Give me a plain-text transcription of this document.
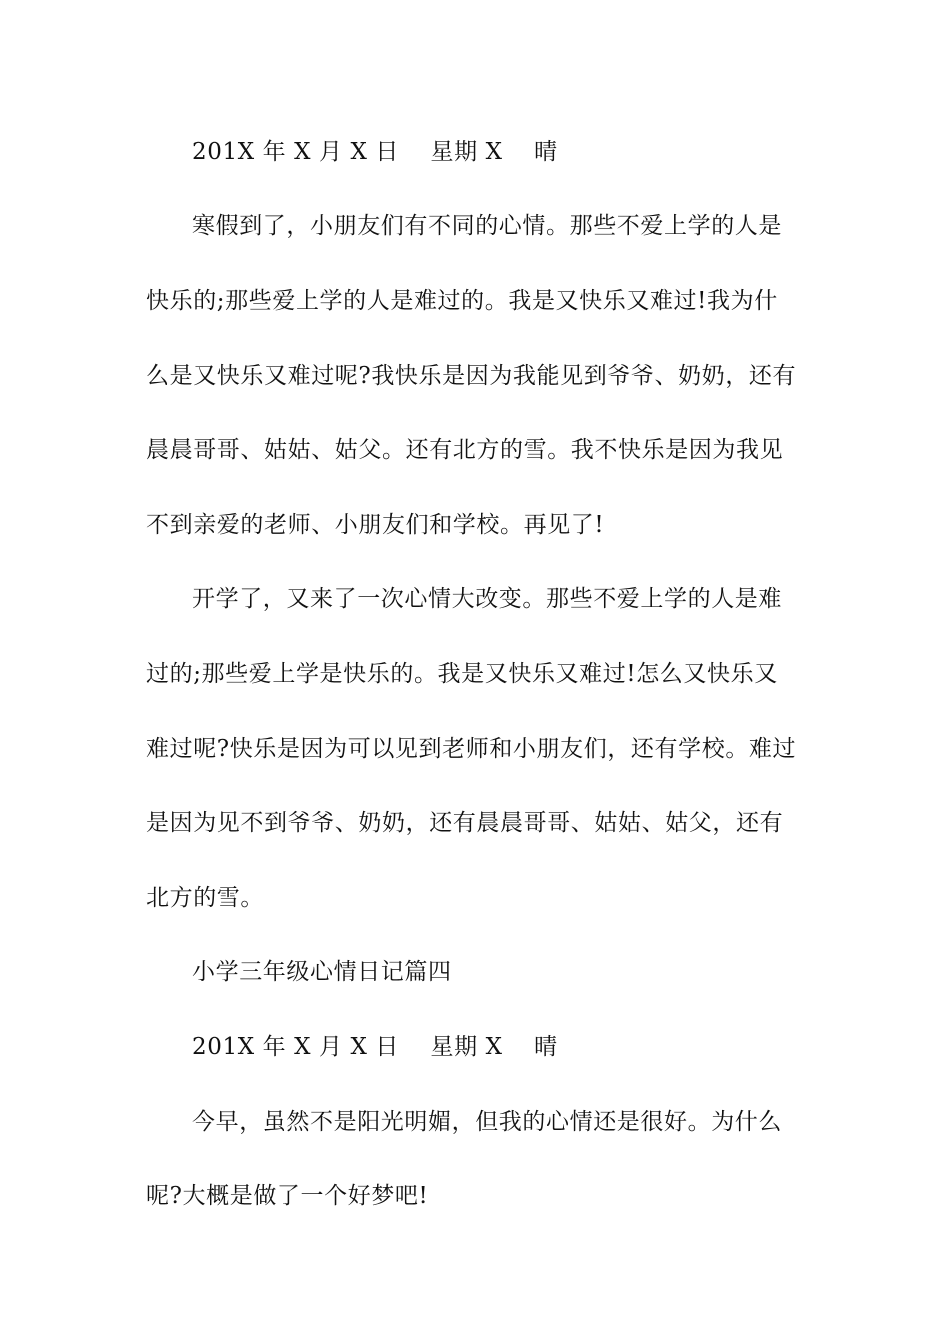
201X 年 X 月 X 日　 星期 X　 晴
寒假到了，小朋友们有不同的心情。那些不爱上学的人是
快乐的;那些爱上学的人是难过的。我是又快乐又难过!我为什
么是又快乐又难过呢?我快乐是因为我能见到爷爷、奶奶，还有
晨晨哥哥、姑姑、姑父。还有北方的雪。我不快乐是因为我见
不到亲爱的老师、小朋友们和学校。再见了!
开学了，又来了一次心情大改变。那些不爱上学的人是难
过的;那些爱上学是快乐的。我是又快乐又难过!怎么又快乐又
难过呢?快乐是因为可以见到老师和小朋友们，还有学校。难过
是因为见不到爷爷、奶奶，还有晨晨哥哥、姑姑、姑父，还有
北方的雪。
小学三年级心情日记篇四
201X 年 X 月 X 日　 星期 X　 晴
今早，虽然不是阳光明媚，但我的心情还是很好。为什么
呢?大概是做了一个好梦吧!
